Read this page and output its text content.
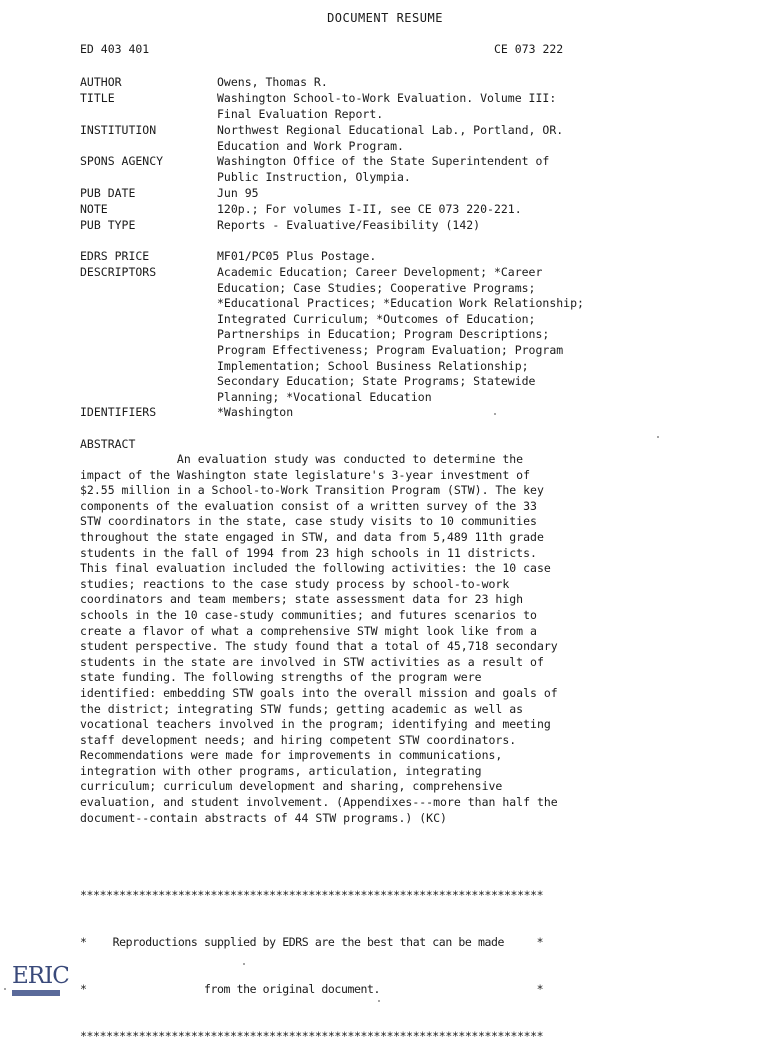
DOCUMENT RESUME
ED 403 401	CE 073 222
AUTHOR	Owens, Thomas R.
TITLE	Washington School-to-Work Evaluation. Volume III:
Final Evaluation Report.
INSTITUTION	Northwest Regional Educational Lab., Portland, OR.
Education and Work Program.
SPONS AGENCY	Washington Office of the State Superintendent of
Public Instruction, Olympia.
PUB DATE	Jun 95
NOTE	120p.; For volumes I-II, see CE 073 220-221.
PUB TYPE	Reports - Evaluative/Feasibility (142)
EDRS PRICE	MF01/PC05 Plus Postage.
DESCRIPTORS	Academic Education; Career Development; *Career
Education; Case Studies; Cooperative Programs;
*Educational Practices; *Education Work Relationship;
Integrated Curriculum; *Outcomes of Education;
Partnerships in Education; Program Descriptions;
Program Effectiveness; Program Evaluation; Program
Implementation; School Business Relationship;
Secondary Education; State Programs; Statewide
Planning; *Vocational Education
IDENTIFIERS	*Washington
ABSTRACT
An evaluation study was conducted to determine the
impact of the Washington state legislature's 3-year investment of
$2.55 million in a School-to-Work Transition Program (STW). The key
components of the evaluation consist of a written survey of the 33
STW coordinators in the state, case study visits to 10 communities
throughout the state engaged in STW, and data from 5,489 11th grade
students in the fall of 1994 from 23 high schools in 11 districts.
This final evaluation included the following activities: the 10 case
studies; reactions to the case study process by school-to-work
coordinators and team members; state assessment data for 23 high
schools in the 10 case-study communities; and futures scenarios to
create a flavor of what a comprehensive STW might look like from a
student perspective. The study found that a total of 45,718 secondary
students in the state are involved in STW activities as a result of
state funding. The following strengths of the program were
identified: embedding STW goals into the overall mission and goals of
the district; integrating STW funds; getting academic as well as
vocational teachers involved in the program; identifying and meeting
staff development needs; and hiring competent STW coordinators.
Recommendations were made for improvements in communications,
integration with other programs, articulation, integrating
curriculum; curriculum development and sharing, comprehensive
evaluation, and student involvement. (Appendixes---more than half the
document--contain abstracts of 44 STW programs.) (KC)

***********************************************************************

*    Reproductions supplied by EDRS are the best that can be made     *

*                  from the original document.                        *

***********************************************************************

ERIC
